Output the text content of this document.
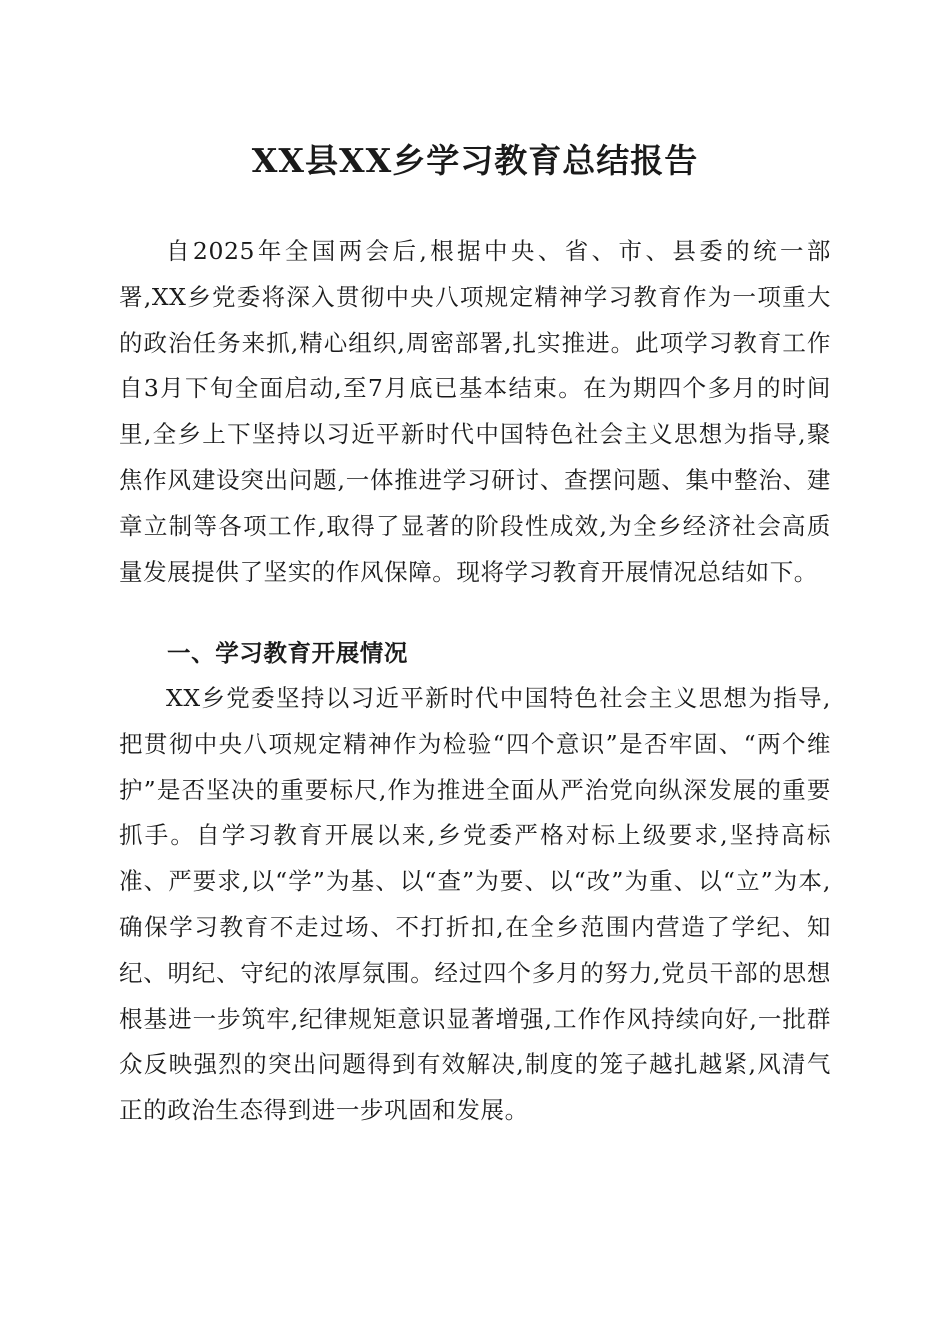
XX县XX乡学习教育总结报告

自2025年全国两会后,根据中央、省、市、县委的统一部署,XX乡党委将深入贯彻中央八项规定精神学习教育作为一项重大的政治任务来抓,精心组织,周密部署,扎实推进。此项学习教育工作自3月下旬全面启动,至7月底已基本结束。在为期四个多月的时间里,全乡上下坚持以习近平新时代中国特色社会主义思想为指导,聚焦作风建设突出问题,一体推进学习研讨、查摆问题、集中整治、建章立制等各项工作,取得了显著的阶段性成效,为全乡经济社会高质量发展提供了坚实的作风保障。现将学习教育开展情况总结如下。

一、学习教育开展情况

XX乡党委坚持以习近平新时代中国特色社会主义思想为指导,把贯彻中央八项规定精神作为检验“四个意识”是否牢固、“两个维护”是否坚决的重要标尺,作为推进全面从严治党向纵深发展的重要抓手。自学习教育开展以来,乡党委严格对标上级要求,坚持高标准、严要求,以“学”为基、以“查”为要、以“改”为重、以“立”为本,确保学习教育不走过场、不打折扣,在全乡范围内营造了学纪、知纪、明纪、守纪的浓厚氛围。经过四个多月的努力,党员干部的思想根基进一步筑牢,纪律规矩意识显著增强,工作作风持续向好,一批群众反映强烈的突出问题得到有效解决,制度的笼子越扎越紧,风清气正的政治生态得到进一步巩固和发展。
